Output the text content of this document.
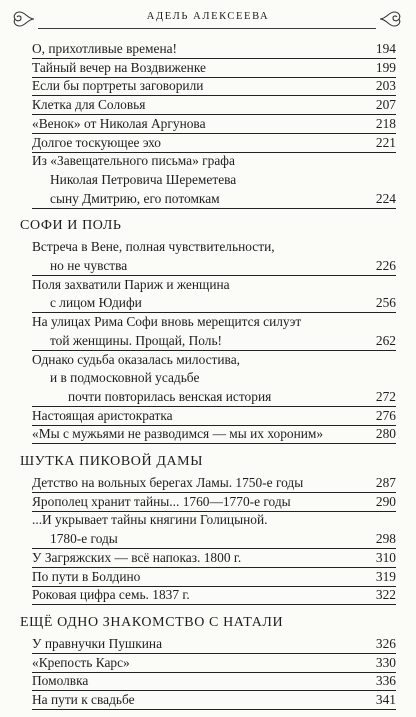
АДЕЛЬ АЛЕКСЕЕВА
О, прихотливые времена!	194
Тайный вечер на Воздвиженке	199
Если бы портреты заговорили	203
Клетка для Соловья	207
«Венок» от Николая Аргунова	218
Долгое тоскующее эхо	221
Из «Завещательного письма» графа
Николая Петровича Шереметева
сыну Дмитрию, его потомкам	224
СОФИ И ПОЛЬ
Встреча в Вене, полная чувствительности,
но не чувства	226
Поля захватили Париж и женщина
с лицом Юдифи	256
На улицах Рима Софи вновь мерещится силуэт
той женщины. Прощай, Поль!	262
Однако судьба оказалась милостива,
и в подмосковной усадьбе
почти повторилась венская история	272
Настоящая аристократка	276
«Мы с мужьями не разводимся — мы их хороним»	280
ШУТКА ПИКОВОЙ ДАМЫ
Детство на вольных берегах Ламы. 1750-е годы	287
Ярополец хранит тайны... 1760—1770-е годы	290
...И укрывает тайны княгини Голицыной.
1780-е годы	298
У Загряжских — всё напоказ. 1800 г.	310
По пути в Болдино	319
Роковая цифра семь. 1837 г.	322
ЕЩЁ ОДНО ЗНАКОМСТВО С НАТАЛИ
У правнучки Пушкина	326
«Крепость Карс»	330
Помолвка	336
На пути к свадьбе	341
